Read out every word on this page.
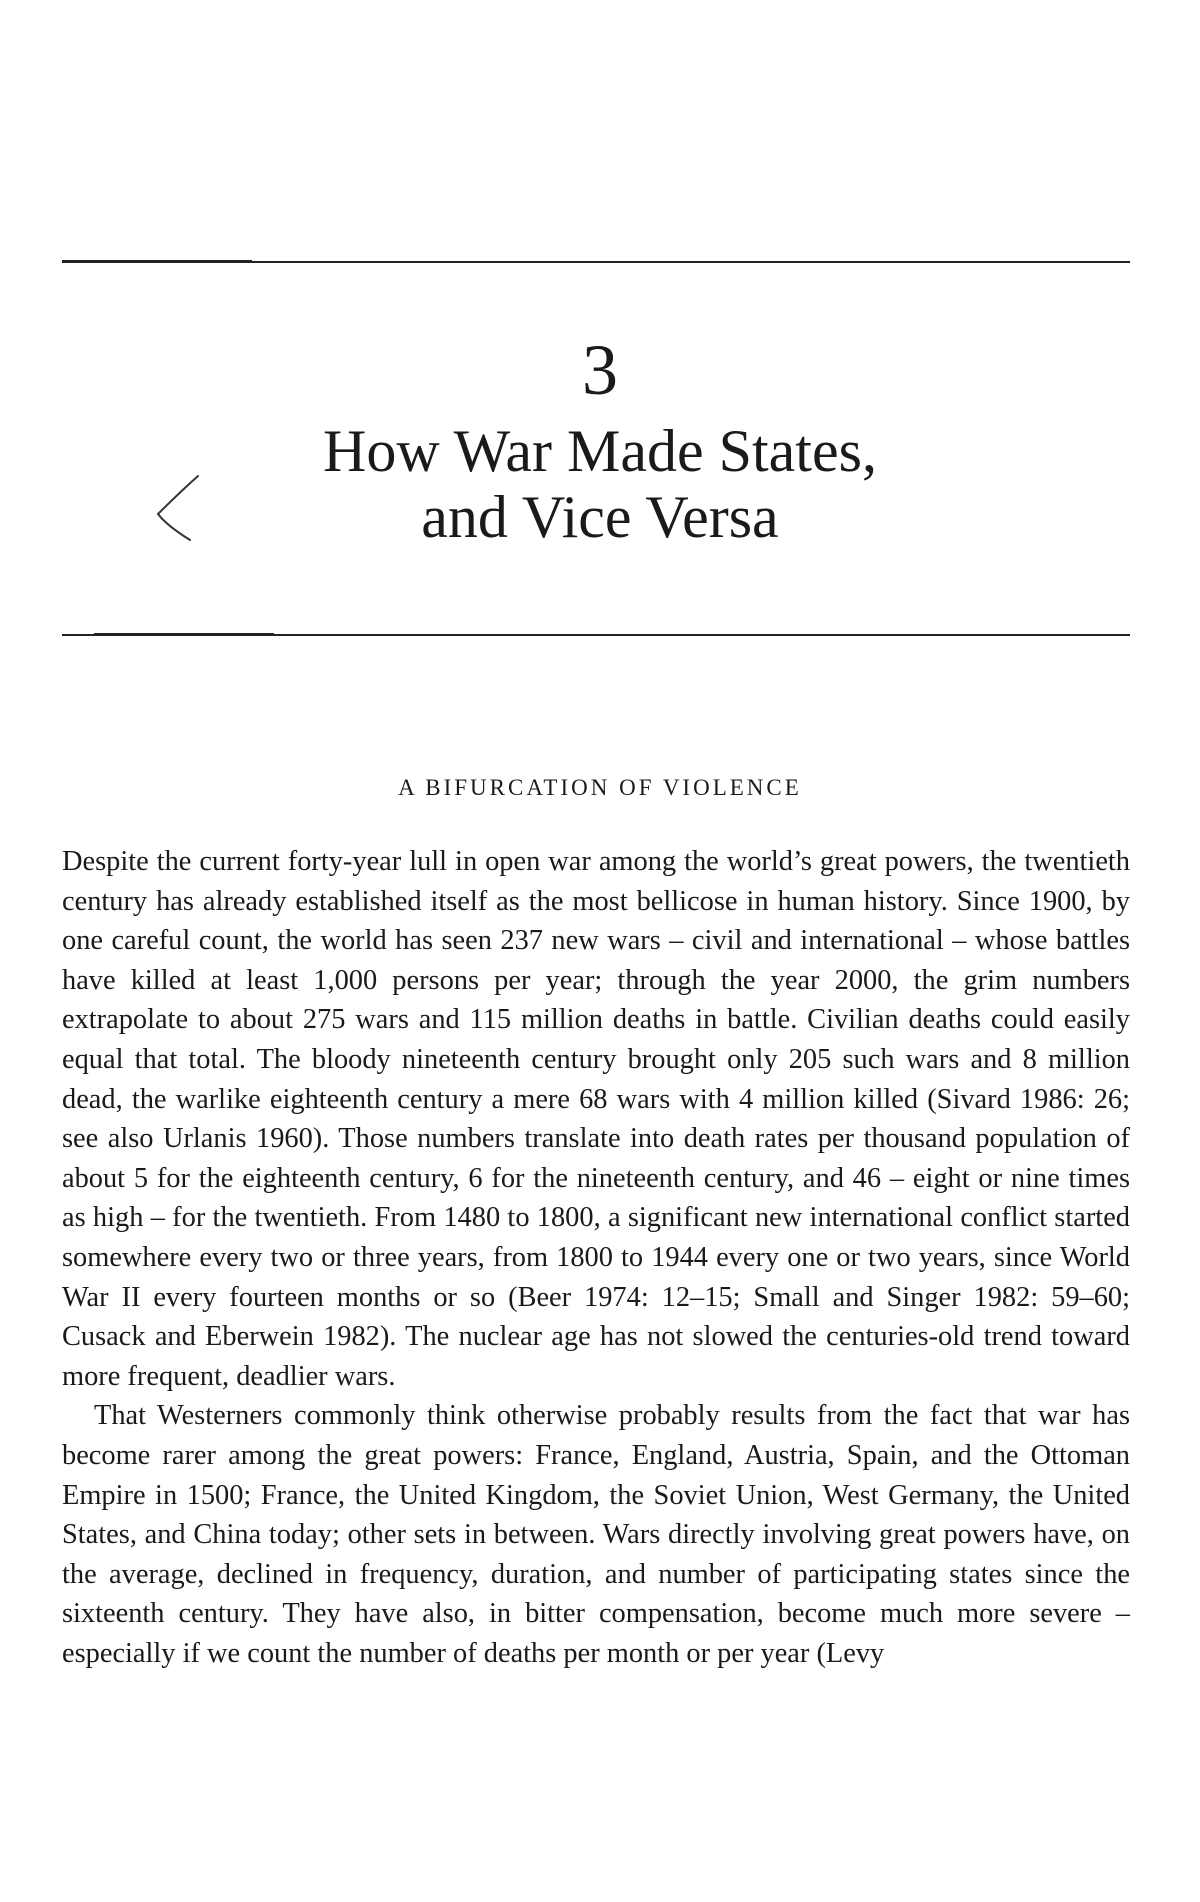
3
How War Made States,
and Vice Versa
A BIFURCATION OF VIOLENCE

Despite the current forty-year lull in open war among the world’s great powers, the twentieth century has already established itself as the most bellicose in human history. Since 1900, by one careful count, the world has seen 237 new wars – civil and international – whose battles have killed at least 1,000 persons per year; through the year 2000, the grim numbers extrapolate to about 275 wars and 115 million deaths in battle. Civilian deaths could easily equal that total. The bloody nineteenth century brought only 205 such wars and 8 million dead, the warlike eighteenth century a mere 68 wars with 4 million killed (Sivard 1986: 26; see also Urlanis 1960). Those numbers translate into death rates per thousand population of about 5 for the eighteenth century, 6 for the nineteenth century, and 46 – eight or nine times as high – for the twentieth. From 1480 to 1800, a significant new international conflict started somewhere every two or three years, from 1800 to 1944 every one or two years, since World War II every fourteen months or so (Beer 1974: 12–15; Small and Singer 1982: 59–60; Cusack and Eberwein 1982). The nuclear age has not slowed the centuries-old trend toward more frequent, deadlier wars.

That Westerners commonly think otherwise probably results from the fact that war has become rarer among the great powers: France, England, Austria, Spain, and the Ottoman Empire in 1500; France, the United Kingdom, the Soviet Union, West Germany, the United States, and China today; other sets in between. Wars directly involving great powers have, on the average, declined in frequency, duration, and number of participating states since the sixteenth century. They have also, in bitter compensation, become much more severe – especially if we count the number of deaths per month or per year (Levy
